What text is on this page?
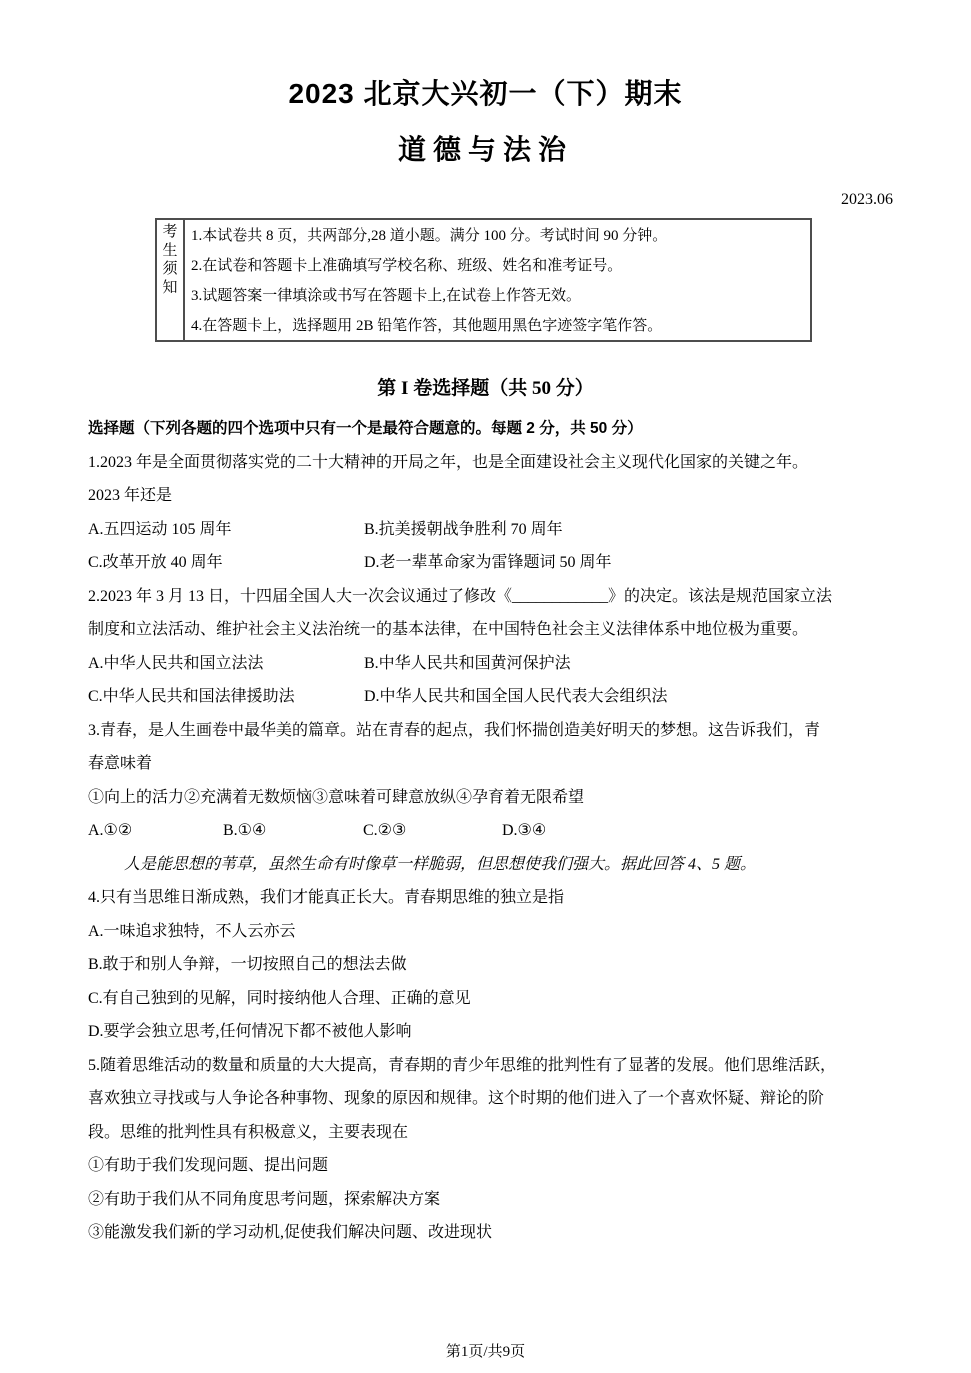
2023 北京大兴初一（下）期末
道德与法治
2023.06
考生须知
1.本试卷共 8 页，共两部分,28 道小题。满分 100 分。考试时间 90 分钟。
2.在试卷和答题卡上准确填写学校名称、班级、姓名和准考证号。
3.试题答案一律填涂或书写在答题卡上,在试卷上作答无效。
4.在答题卡上，选择题用 2B 铅笔作答，其他题用黑色字迹签字笔作答。
第 I 卷选择题（共 50 分）
选择题（下列各题的四个选项中只有一个是最符合题意的。每题 2 分，共 50 分）
1.2023 年是全面贯彻落实党的二十大精神的开局之年，也是全面建设社会主义现代化国家的关键之年。
2023 年还是
A.五四运动 105 周年	B.抗美援朝战争胜利 70 周年
C.改革开放 40 周年	D.老一辈革命家为雷锋题词 50 周年
2.2023 年 3 月 13 日，十四届全国人大一次会议通过了修改《____________》的决定。该法是规范国家立法
制度和立法活动、维护社会主义法治统一的基本法律，在中国特色社会主义法律体系中地位极为重要。
A.中华人民共和国立法法	B.中华人民共和国黄河保护法
C.中华人民共和国法律援助法	D.中华人民共和国全国人民代表大会组织法
3.青春，是人生画卷中最华美的篇章。站在青春的起点，我们怀揣创造美好明天的梦想。这告诉我们，青
春意味着
①向上的活力②充满着无数烦恼③意味着可肆意放纵④孕育着无限希望
A.①②	B.①④	C.②③	D.③④
人是能思想的苇草，虽然生命有时像草一样脆弱，但思想使我们强大。据此回答 4、5 题。
4.只有当思维日渐成熟，我们才能真正长大。青春期思维的独立是指
A.一味追求独特，不人云亦云
B.敢于和别人争辩，一切按照自己的想法去做
C.有自己独到的见解，同时接纳他人合理、正确的意见
D.要学会独立思考,任何情况下都不被他人影响
5.随着思维活动的数量和质量的大大提高，青春期的青少年思维的批判性有了显著的发展。他们思维活跃，
喜欢独立寻找或与人争论各种事物、现象的原因和规律。这个时期的他们进入了一个喜欢怀疑、辩论的阶
段。思维的批判性具有积极意义，主要表现在
①有助于我们发现问题、提出问题
②有助于我们从不同角度思考问题，探索解决方案
③能激发我们新的学习动机,促使我们解决问题、改进现状
第1页/共9页
